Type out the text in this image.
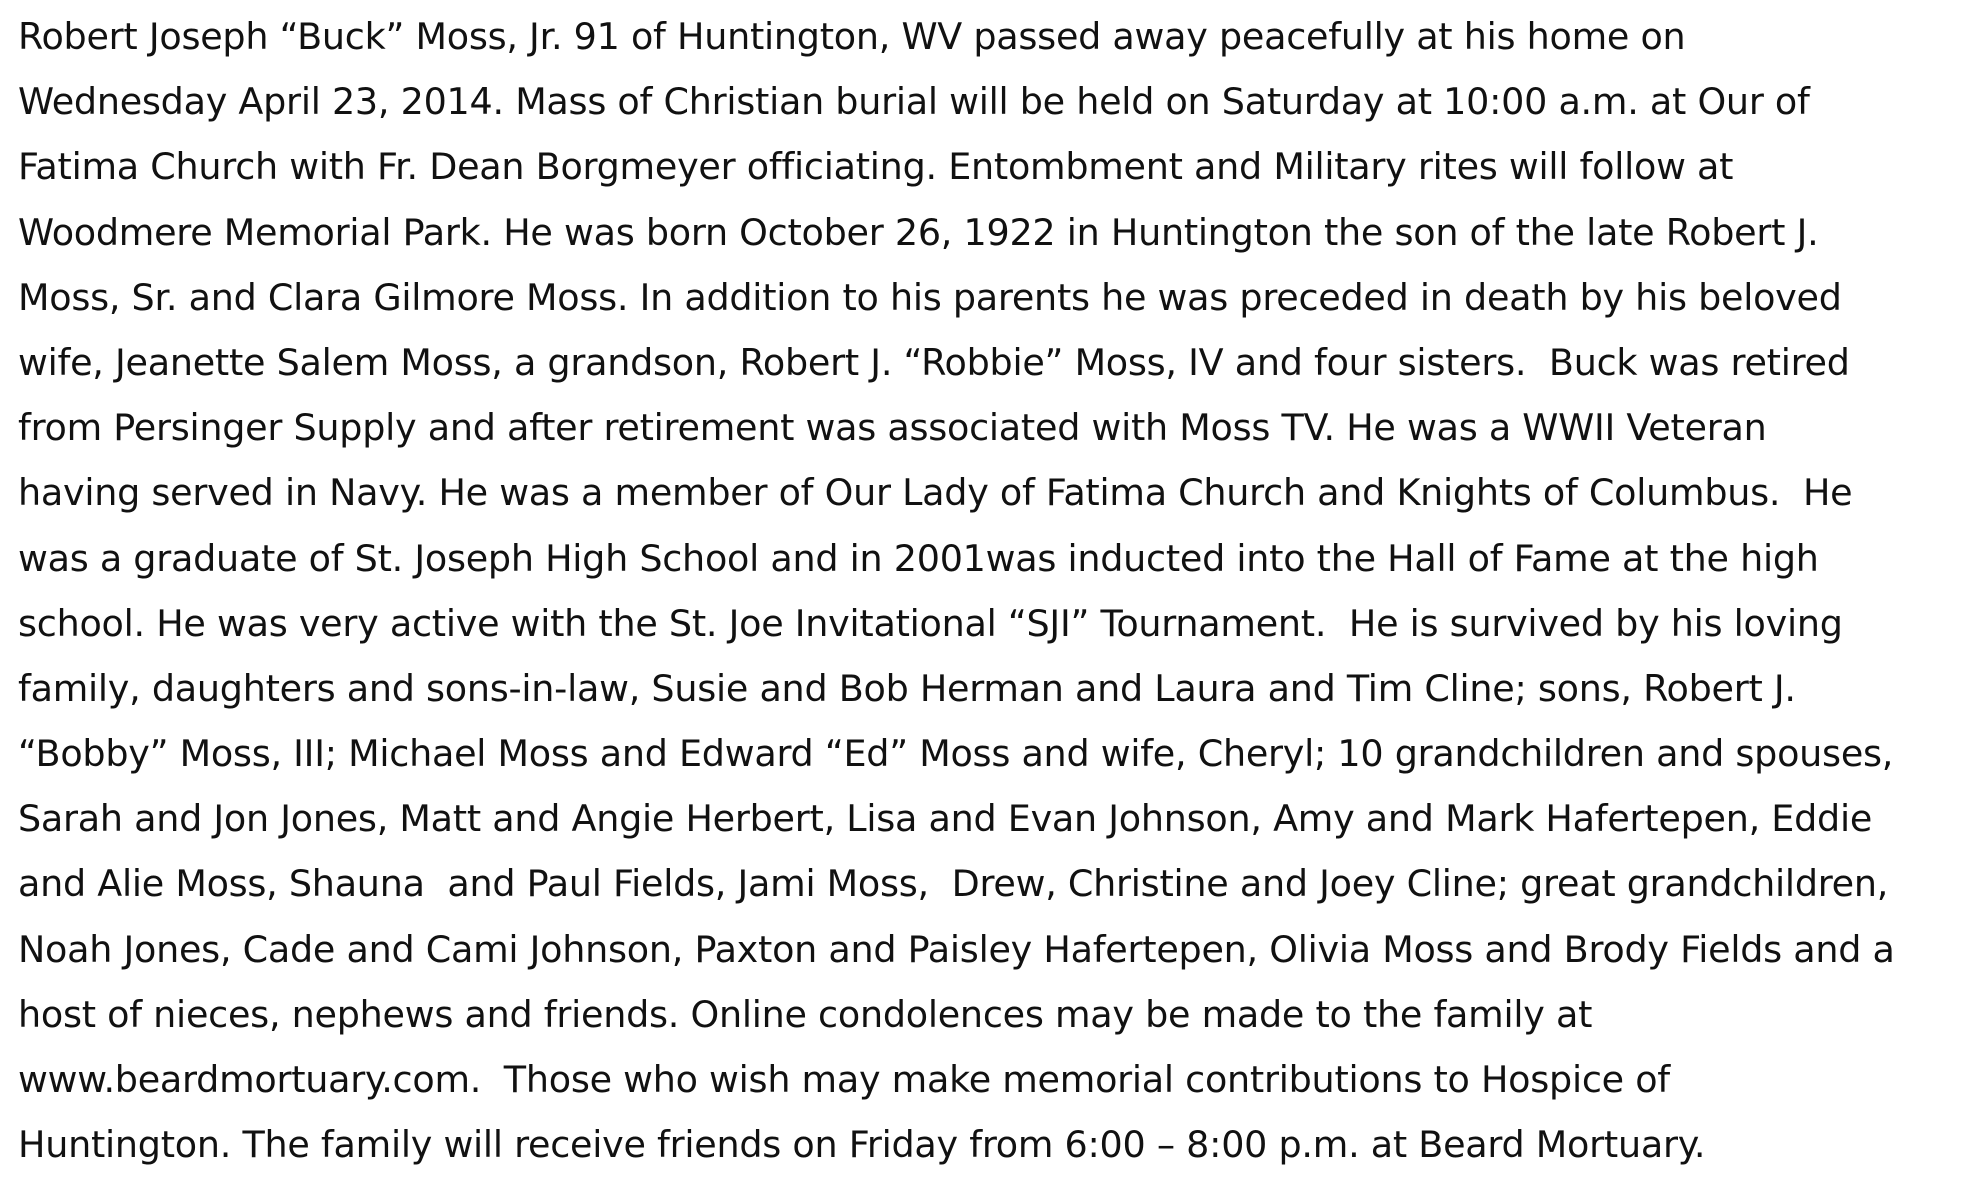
Robert Joseph “Buck” Moss, Jr. 91 of Huntington, WV passed away peacefully at his home on
Wednesday April 23, 2014. Mass of Christian burial will be held on Saturday at 10:00 a.m. at Our of
Fatima Church with Fr. Dean Borgmeyer officiating. Entombment and Military rites will follow at
Woodmere Memorial Park. He was born October 26, 1922 in Huntington the son of the late Robert J.
Moss, Sr. and Clara Gilmore Moss. In addition to his parents he was preceded in death by his beloved
wife, Jeanette Salem Moss, a grandson, Robert J. “Robbie” Moss, IV and four sisters.  Buck was retired
from Persinger Supply and after retirement was associated with Moss TV. He was a WWII Veteran
having served in Navy. He was a member of Our Lady of Fatima Church and Knights of Columbus.  He
was a graduate of St. Joseph High School and in 2001was inducted into the Hall of Fame at the high
school. He was very active with the St. Joe Invitational “SJI” Tournament.  He is survived by his loving
family, daughters and sons-in-law, Susie and Bob Herman and Laura and Tim Cline; sons, Robert J.
“Bobby” Moss, III; Michael Moss and Edward “Ed” Moss and wife, Cheryl; 10 grandchildren and spouses,
Sarah and Jon Jones, Matt and Angie Herbert, Lisa and Evan Johnson, Amy and Mark Hafertepen, Eddie
and Alie Moss, Shauna  and Paul Fields, Jami Moss,  Drew, Christine and Joey Cline; great grandchildren,
Noah Jones, Cade and Cami Johnson, Paxton and Paisley Hafertepen, Olivia Moss and Brody Fields and a
host of nieces, nephews and friends. Online condolences may be made to the family at
www.beardmortuary.com.  Those who wish may make memorial contributions to Hospice of
Huntington. The family will receive friends on Friday from 6:00 – 8:00 p.m. at Beard Mortuary.
